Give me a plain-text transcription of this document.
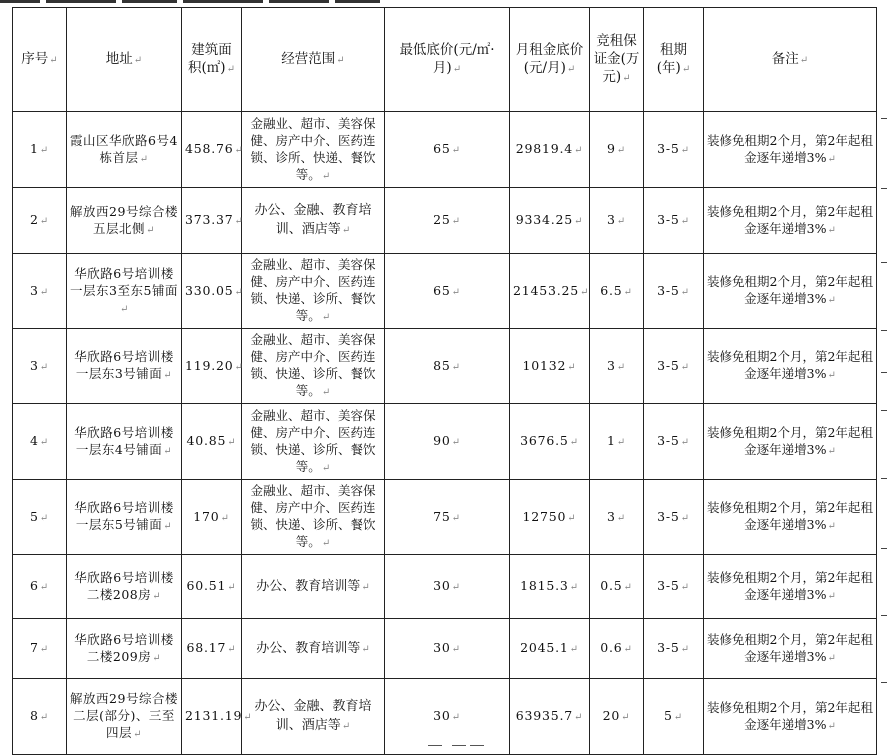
序号↵	地址↵	建筑面积(㎡)↵	经营范围↵	最低底价(元/㎡·月)↵	月租金底价(元/月)↵	竞租保证金(万元)↵	租期(年)↵	备注↵
1↵	霞山区华欣路6号4栋首层↵	458.76↵	金融业、超市、美容保健、房产中介、医药连锁、诊所、快递、餐饮等。↵	65↵	29819.4↵	9↵	3-5↵	装修免租期2个月，第2年起租金逐年递增3%↵
2↵	解放西29号综合楼五层北侧↵	373.37↵	办公、金融、教育培训、酒店等↵	25↵	9334.25↵	3↵	3-5↵	装修免租期2个月，第2年起租金逐年递增3%↵
3↵	华欣路6号培训楼一层东3至东5铺面↵	330.05↵	金融业、超市、美容保健、房产中介、医药连锁、快递、诊所、餐饮等。↵	65↵	21453.25↵	6.5↵	3-5↵	装修免租期2个月，第2年起租金逐年递增3%↵
3↵	华欣路6号培训楼一层东3号铺面↵	119.20↵	金融业、超市、美容保健、房产中介、医药连锁、快递、诊所、餐饮等。↵	85↵	10132↵	3↵	3-5↵	装修免租期2个月，第2年起租金逐年递增3%↵
4↵	华欣路6号培训楼一层东4号铺面↵	40.85↵	金融业、超市、美容保健、房产中介、医药连锁、快递、诊所、餐饮等。↵	90↵	3676.5↵	1↵	3-5↵	装修免租期2个月，第2年起租金逐年递增3%↵
5↵	华欣路6号培训楼一层东5号铺面↵	170↵	金融业、超市、美容保健、房产中介、医药连锁、快递、诊所、餐饮等。↵	75↵	12750↵	3↵	3-5↵	装修免租期2个月，第2年起租金逐年递增3%↵
6↵	华欣路6号培训楼二楼208房↵	60.51↵	办公、教育培训等↵	30↵	1815.3↵	0.5↵	3-5↵	装修免租期2个月，第2年起租金逐年递增3%↵
7↵	华欣路6号培训楼二楼209房↵	68.17↵	办公、教育培训等↵	30↵	2045.1↵	0.6↵	3-5↵	装修免租期2个月，第2年起租金逐年递增3%↵
8↵	解放西29号综合楼二层(部分)、三至四层↵	2131.19↵	办公、金融、教育培训、酒店等↵	30↵	63935.7↵	20↵	5↵	装修免租期2个月，第2年起租金逐年递增3%↵
